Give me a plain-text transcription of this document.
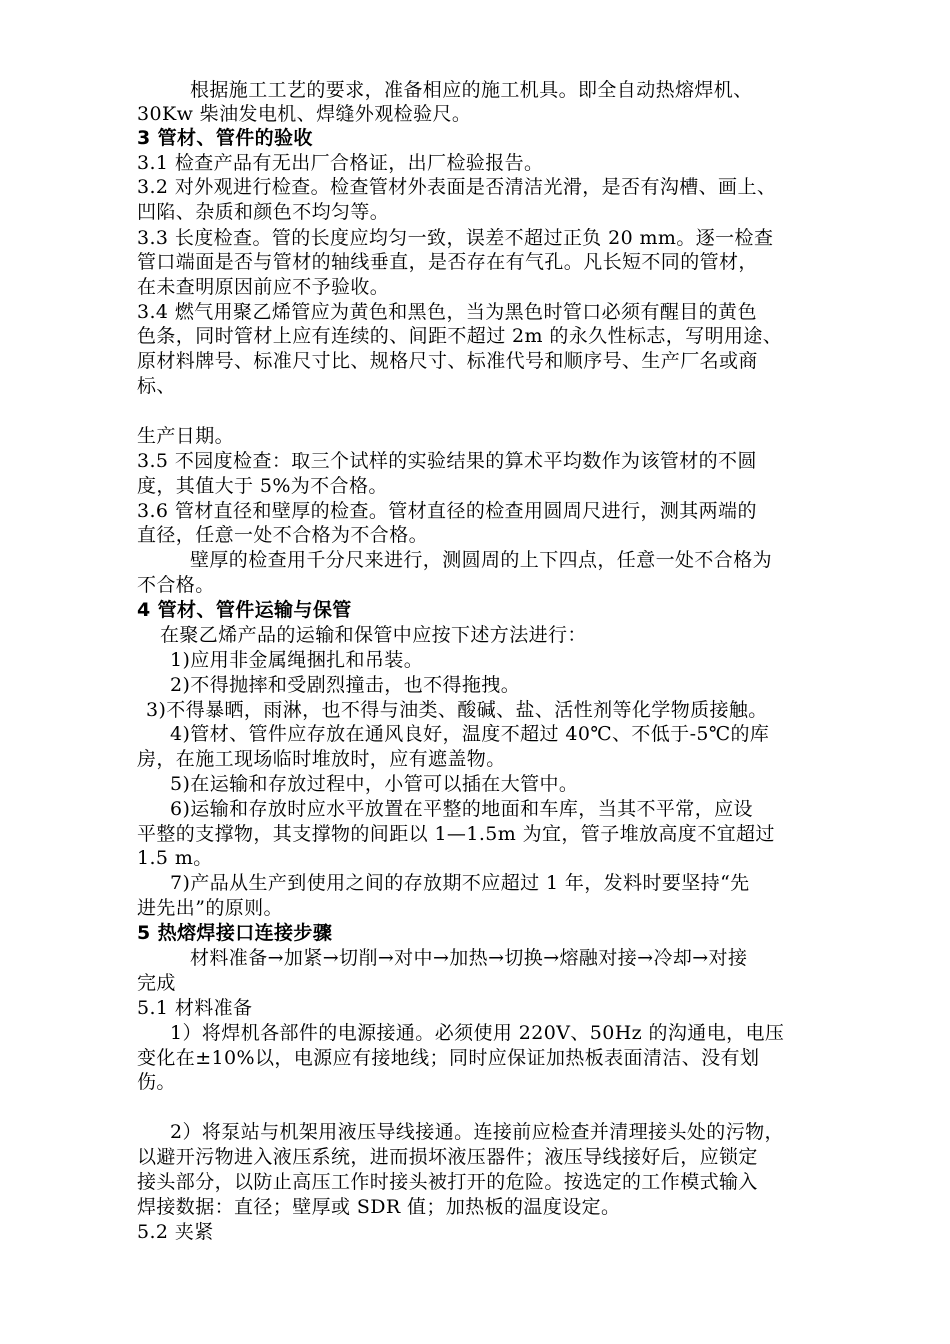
根据施工工艺的要求，准备相应的施工机具。即全自动热熔焊机、
30Kw 柴油发电机、焊缝外观检验尺。
3 管材、管件的验收
3.1 检查产品有无出厂合格证，出厂检验报告。
3.2 对外观进行检查。检查管材外表面是否清洁光滑，是否有沟槽、画上、
凹陷、杂质和颜色不均匀等。
3.3 长度检查。管的长度应均匀一致，误差不超过正负 20 mm。逐一检查
管口端面是否与管材的轴线垂直，是否存在有气孔。凡长短不同的管材，
在未查明原因前应不予验收。
3.4 燃气用聚乙烯管应为黄色和黑色，当为黑色时管口必须有醒目的黄色
色条，同时管材上应有连续的、间距不超过 2m 的永久性标志，写明用途、
原材料牌号、标准尺寸比、规格尺寸、标准代号和顺序号、生产厂名或商
标、
生产日期。
3.5 不园度检查：取三个试样的实验结果的算术平均数作为该管材的不圆
度，其值大于 5%为不合格。
3.6 管材直径和壁厚的检查。管材直径的检查用圆周尺进行，测其两端的
直径，任意一处不合格为不合格。
壁厚的检查用千分尺来进行，测圆周的上下四点，任意一处不合格为
不合格。
4 管材、管件运输与保管
在聚乙烯产品的运输和保管中应按下述方法进行：
1)应用非金属绳捆扎和吊装。
2)不得抛摔和受剧烈撞击，也不得拖拽。
3)不得暴晒，雨淋，也不得与油类、酸碱、盐、活性剂等化学物质接触。
4)管材、管件应存放在通风良好，温度不超过 40℃、不低于-5℃的库
房，在施工现场临时堆放时，应有遮盖物。
5)在运输和存放过程中，小管可以插在大管中。
6)运输和存放时应水平放置在平整的地面和车库，当其不平常，应设
平整的支撑物，其支撑物的间距以 1—1.5m 为宜，管子堆放高度不宜超过
1.5 m。
7)产品从生产到使用之间的存放期不应超过 1 年，发料时要坚持“先
进先出”的原则。
5 热熔焊接口连接步骤
材料准备→加紧→切削→对中→加热→切换→熔融对接→冷却→对接
完成
5.1 材料准备
1）将焊机各部件的电源接通。必须使用 220V、50Hz 的沟通电，电压
变化在±10%以，电源应有接地线；同时应保证加热板表面清洁、没有划
伤。
2）将泵站与机架用液压导线接通。连接前应检查并清理接头处的污物，
以避开污物进入液压系统，进而损坏液压器件；液压导线接好后，应锁定
接头部分，以防止高压工作时接头被打开的危险。按选定的工作模式输入
焊接数据：直径；壁厚或 SDR 值；加热板的温度设定。
5.2 夹紧
